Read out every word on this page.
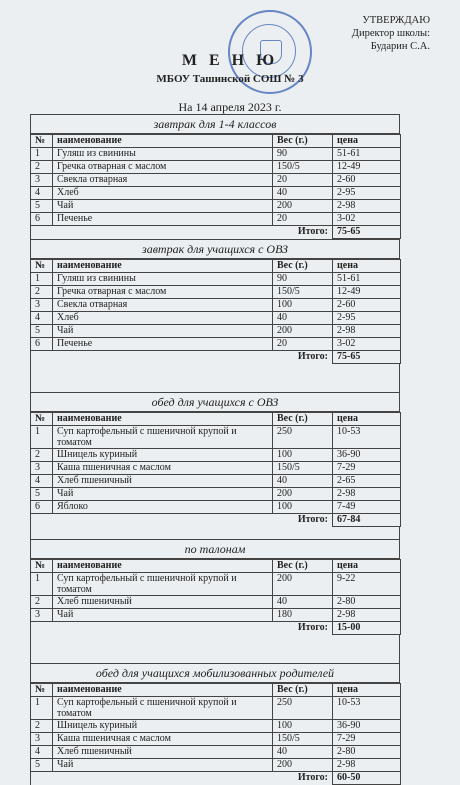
УТВЕРЖДАЮ
Директор школы:
Бударин С.А.
М Е Н Ю
МБОУ Ташинской СОШ № 3
На 14 апреля 2023 г.
завтрак для 1-4 классов
№	наименование	Вес (г.)	цена
1	Гуляш из свинины	90	51-61
2	Гречка отварная с маслом	150/5	12-49
3	Свекла отварная	20	2-60
4	Хлеб	40	2-95
5	Чай	200	2-98
6	Печенье	20	3-02
	Итого:		75-65
завтрак для учащихся с ОВЗ
№	наименование	Вес (г.)	цена
1	Гуляш из свинины	90	51-61
2	Гречка отварная с маслом	150/5	12-49
3	Свекла отварная	100	2-60
4	Хлеб	40	2-95
5	Чай	200	2-98
6	Печенье	20	3-02
	Итого:		75-65
обед для учащихся с ОВЗ
№	наименование	Вес (г.)	цена
1	Суп картофельный с пшеничной крупой и томатом	250	10-53
2	Шницель куриный	100	36-90
3	Каша пшеничная с маслом	150/5	7-29
4	Хлеб пшеничный	40	2-65
5	Чай	200	2-98
6	Яблоко	100	7-49
	Итого:		67-84
по талонам
№	наименование	Вес (г.)	цена
1	Суп картофельный с пшеничной крупой и томатом	200	9-22
2	Хлеб пшеничный	40	2-80
3	Чай	180	2-98
	Итого:		15-00
обед для учащихся мобилизованных родителей
№	наименование	Вес (г.)	цена
1	Суп картофельный с пшеничной крупой и томатом	250	10-53
2	Шницель куриный	100	36-90
3	Каша пшеничная с маслом	150/5	7-29
4	Хлеб пшеничный	40	2-80
5	Чай	200	2-98
	Итого:		60-50
